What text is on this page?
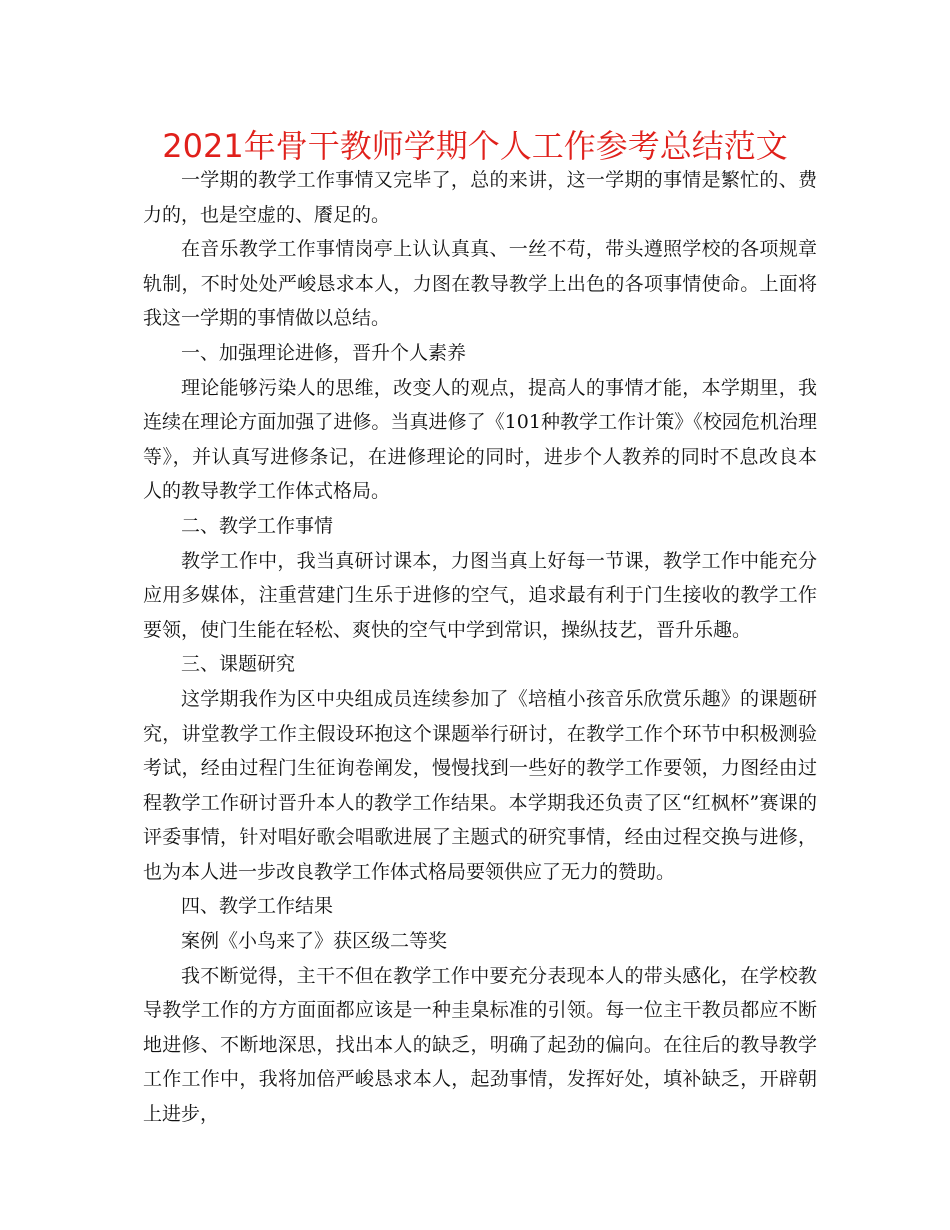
2021年骨干教师学期个人工作参考总结范文

一学期的教学工作事情又完毕了，总的来讲，这一学期的事情是繁忙的、费力的，也是空虚的、餍足的。

在音乐教学工作事情岗亭上认认真真、一丝不苟，带头遵照学校的各项规章轨制，不时处处严峻恳求本人，力图在教导教学上出色的各项事情使命。上面将我这一学期的事情做以总结。

一、加强理论进修，晋升个人素养

理论能够污染人的思维，改变人的观点，提高人的事情才能，本学期里，我连续在理论方面加强了进修。当真进修了《101种教学工作计策》《校园危机治理等》，并认真写进修条记，在进修理论的同时，进步个人教养的同时不息改良本人的教导教学工作体式格局。

二、教学工作事情

教学工作中，我当真研讨课本，力图当真上好每一节课，教学工作中能充分应用多媒体，注重营建门生乐于进修的空气，追求最有利于门生接收的教学工作要领，使门生能在轻松、爽快的空气中学到常识，操纵技艺，晋升乐趣。

三、课题研究

这学期我作为区中央组成员连续参加了《培植小孩音乐欣赏乐趣》的课题研究，讲堂教学工作主假设环抱这个课题举行研讨，在教学工作个环节中积极测验考试，经由过程门生征询卷阐发，慢慢找到一些好的教学工作要领，力图经由过程教学工作研讨晋升本人的教学工作结果。本学期我还负责了区“红枫杯”赛课的评委事情，针对唱好歌会唱歌进展了主题式的研究事情，经由过程交换与进修，也为本人进一步改良教学工作体式格局要领供应了无力的赞助。

四、教学工作结果

案例《小鸟来了》获区级二等奖

我不断觉得，主干不但在教学工作中要充分表现本人的带头感化，在学校教导教学工作的方方面面都应该是一种圭臬标准的引领。每一位主干教员都应不断地进修、不断地深思，找出本人的缺乏，明确了起劲的偏向。在往后的教导教学工作工作中，我将加倍严峻恳求本人，起劲事情，发挥好处，填补缺乏，开辟朝上进步，
